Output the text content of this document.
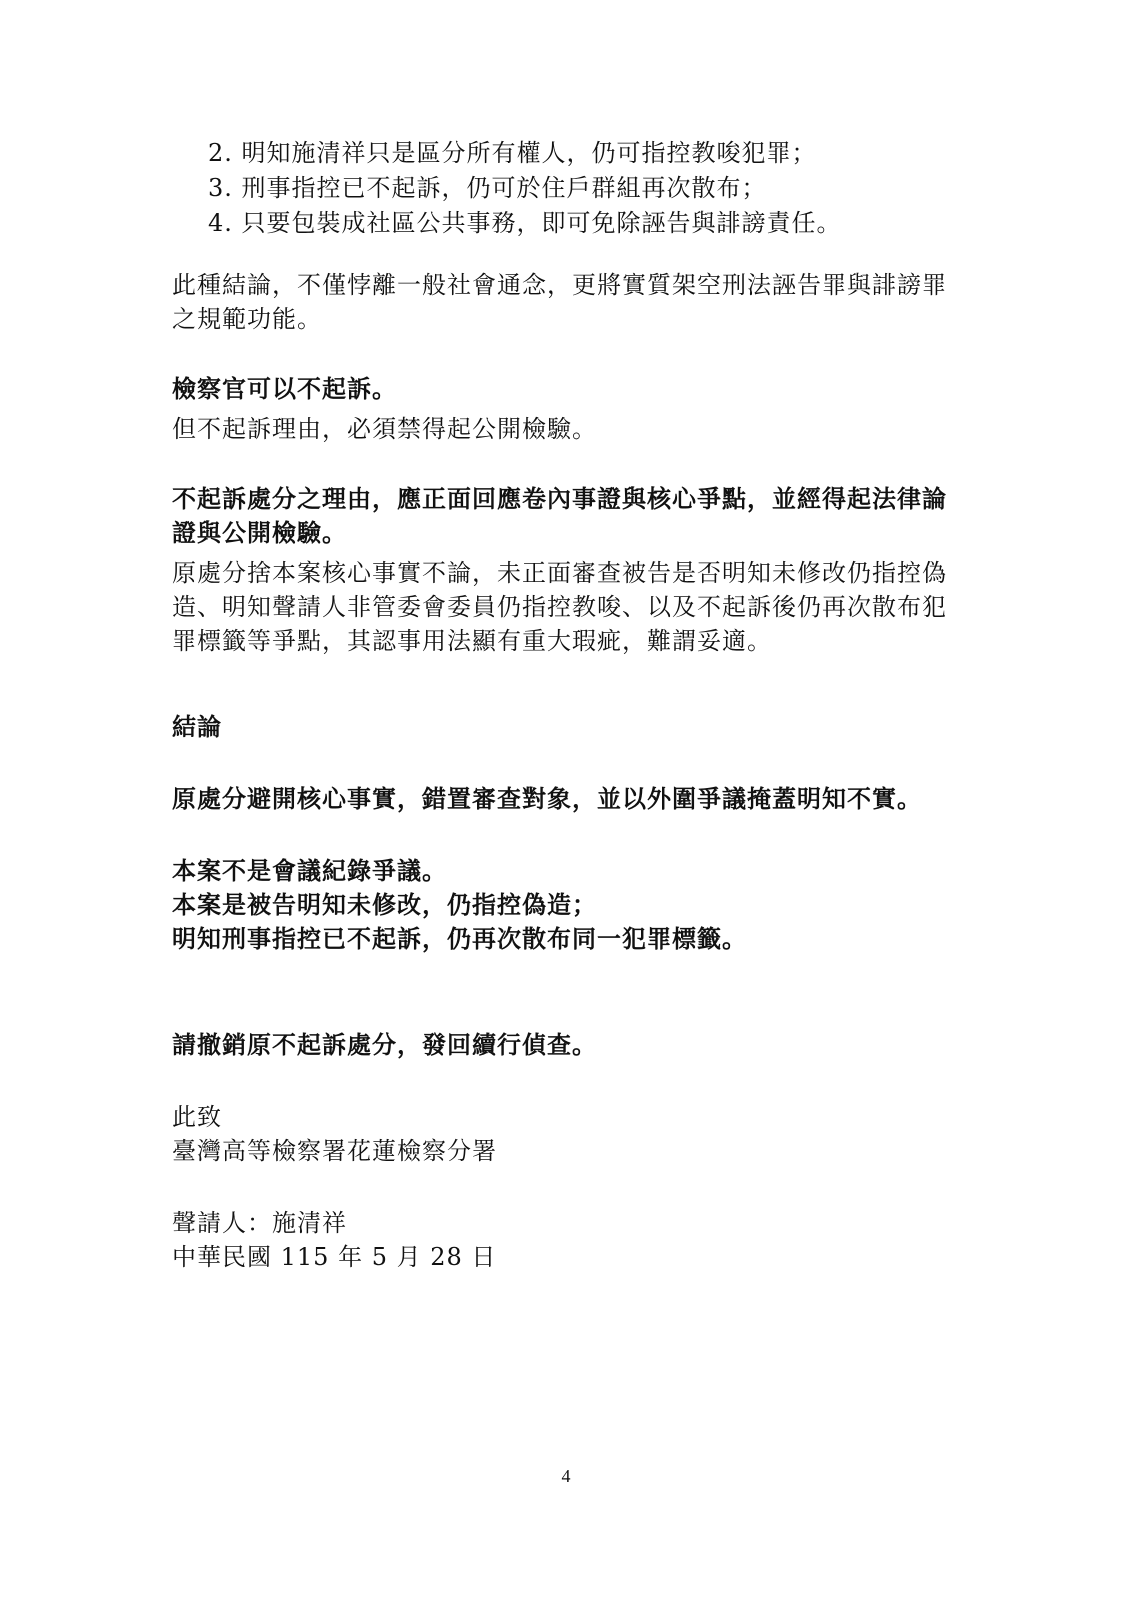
2. 明知施清祥只是區分所有權人，仍可指控教唆犯罪；
3. 刑事指控已不起訴，仍可於住戶群組再次散布；
4. 只要包裝成社區公共事務，即可免除誣告與誹謗責任。

此種結論，不僅悖離一般社會通念，更將實質架空刑法誣告罪與誹謗罪之規範功能。

檢察官可以不起訴。

但不起訴理由，必須禁得起公開檢驗。

不起訴處分之理由，應正面回應卷內事證與核心爭點，並經得起法律論證與公開檢驗。

原處分捨本案核心事實不論，未正面審查被告是否明知未修改仍指控偽造、明知聲請人非管委會委員仍指控教唆、以及不起訴後仍再次散布犯罪標籤等爭點，其認事用法顯有重大瑕疵，難謂妥適。

結論

原處分避開核心事實，錯置審查對象，並以外圍爭議掩蓋明知不實。

本案不是會議紀錄爭議。

本案是被告明知未修改，仍指控偽造；

明知刑事指控已不起訴，仍再次散布同一犯罪標籤。

請撤銷原不起訴處分，發回續行偵查。

此致

臺灣高等檢察署花蓮檢察分署

聲請人：施清祥

中華民國 115 年 5 月 28 日

4
